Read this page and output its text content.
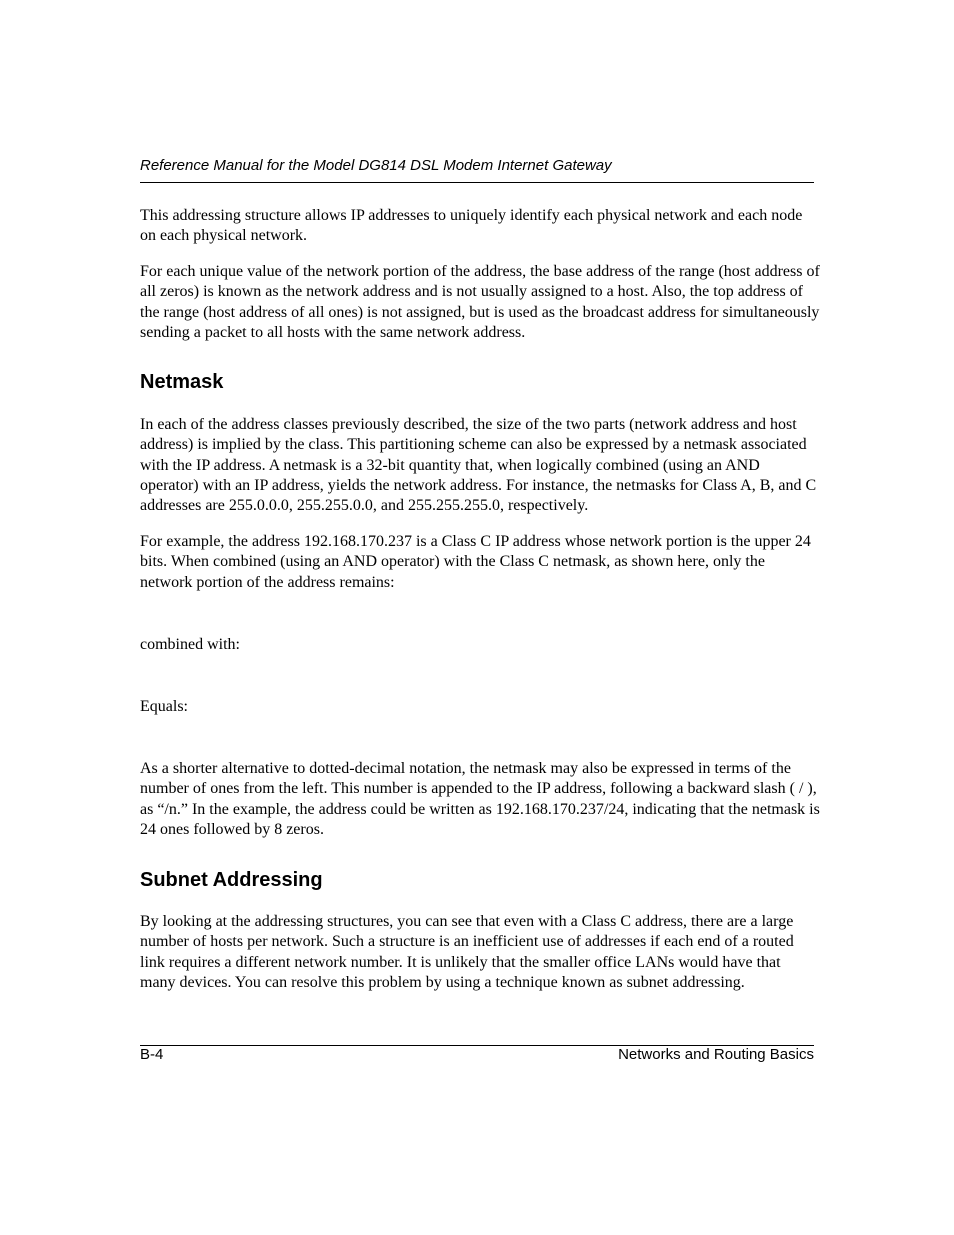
Reference Manual for the Model DG814 DSL Modem Internet Gateway

This addressing structure allows IP addresses to uniquely identify each physical network and each node on each physical network.

For each unique value of the network portion of the address, the base address of the range (host address of all zeros) is known as the network address and is not usually assigned to a host. Also, the top address of the range (host address of all ones) is not assigned, but is used as the broadcast address for simultaneously sending a packet to all hosts with the same network address.

Netmask

In each of the address classes previously described, the size of the two parts (network address and host address) is implied by the class. This partitioning scheme can also be expressed by a netmask associated with the IP address. A netmask is a 32-bit quantity that, when logically combined (using an AND operator) with an IP address, yields the network address. For instance, the netmasks for Class A, B, and C addresses are 255.0.0.0, 255.255.0.0, and 255.255.255.0, respectively.

For example, the address 192.168.170.237 is a Class C IP address whose network portion is the upper 24 bits. When combined (using an AND operator) with the Class C netmask, as shown here, only the network portion of the address remains:

combined with:

Equals:

As a shorter alternative to dotted-decimal notation, the netmask may also be expressed in terms of the number of ones from the left. This number is appended to the IP address, following a backward slash ( / ), as “/n.” In the example, the address could be written as 192.168.170.237/24, indicating that the netmask is 24 ones followed by 8 zeros.

Subnet Addressing

By looking at the addressing structures, you can see that even with a Class C address, there are a large number of hosts per network. Such a structure is an inefficient use of addresses if each end of a routed link requires a different network number. It is unlikely that the smaller office LANs would have that many devices. You can resolve this problem by using a technique known as subnet addressing.

B-4	Networks and Routing Basics
